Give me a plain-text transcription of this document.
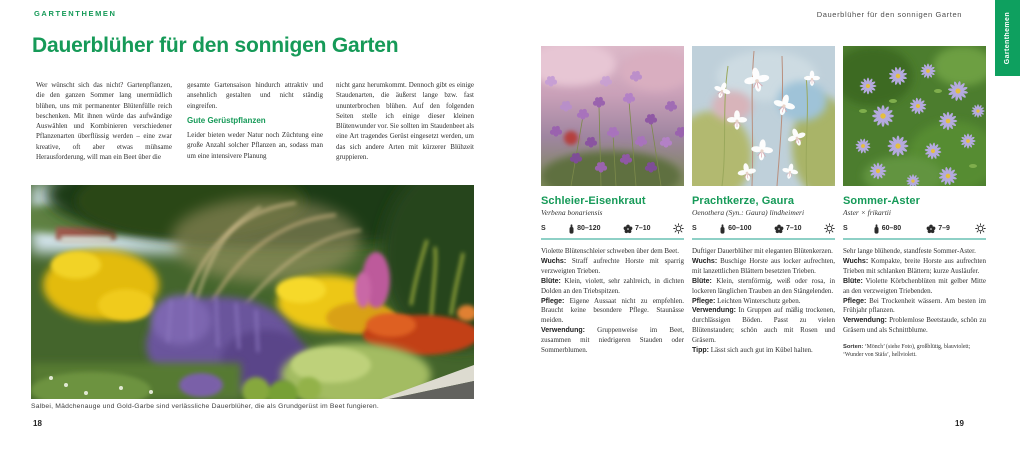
GARTENTHEMEN
Dauerblüher für den sonnigen Garten

Wer wünscht sich das nicht? Gartenpflanzen, die den ganzen Sommer lang unermüdlich blühen, uns mit permanenter Blütenfülle reich beschenken. Mit ihnen würde das aufwändige Auswählen und Kombinieren verschiedener Pflanzenarten überflüssig werden – eine zwar kreative, oft aber etwas mühsame Herausforderung, will man ein Beet über die

gesamte Gartensaison hindurch attraktiv und ansehnlich gestalten und nicht ständig eingreifen.

Gute Gerüstpflanzen

Leider bieten weder Natur noch Züchtung eine große Anzahl solcher Pflanzen an, sodass man um eine intensivere Planung

nicht ganz herumkommt. Dennoch gibt es einige Staudenarten, die äußerst lange bzw. fast ununterbrochen blühen. Auf den folgenden Seiten stelle ich einige dieser kleinen Blütenwunder vor. Sie sollten im Staudenbeet als eine Art tragendes Gerüst eingesetzt werden, um das sich andere Arten mit kürzerer Blühzeit gruppieren.

Salbei, Mädchenauge und Gold-Garbe sind verlässliche Dauerblüher, die als Grundgerüst im Beet fungieren.
18
Dauerblüher für den sonnigen Garten	Gartenthemen
Schleier-Eisenkraut
Verbena bonariensis
S	80–120	7–10

Violette Blütenschleier schweben über dem Beet.

Wuchs: Straff aufrechte Horste mit sparrig verzweigten Trieben.

Blüte: Klein, violett, sehr zahlreich, in dichten Dolden an den Triebspitzen.

Pflege: Eigene Aussaat nicht zu empfehlen. Braucht keine besondere Pflege. Staunässe meiden.

Verwendung: Gruppenweise im Beet, zusammen mit niedrigeren Stauden oder Sommerblumen.

Prachtkerze, Gaura
Oenothera (Syn.: Gaura) lindheimeri
S	60–100	7–10

Duftiger Dauerblüher mit eleganten Blütenkerzen.

Wuchs: Buschige Horste aus locker aufrechten, mit lanzettlichen Blättern besetzten Trieben.

Blüte: Klein, sternförmig, weiß oder rosa, in lockeren länglichen Trauben an den Stängelenden.

Pflege: Leichten Winterschutz geben.

Verwendung: In Gruppen auf mäßig trockenen, durchlässigen Böden. Passt zu vielen Blütenstauden; schön auch mit Rosen und Gräsern.

Tipp: Lässt sich auch gut im Kübel halten.

Sommer-Aster
Aster × frikartii
S	60–80	7–9

Sehr lange blühende, standfeste Sommer-Aster.

Wuchs: Kompakte, breite Horste aus aufrechten Trieben mit schlanken Blättern; kurze Ausläufer.

Blüte: Violette Körbchenblüten mit gelber Mitte an den verzweigten Triebenden.

Pflege: Bei Trockenheit wässern. Am besten im Frühjahr pflanzen.

Verwendung: Problemlose Beetstaude, schön zu Gräsern und als Schnittblume.

Sorten: ‘Mönch’ (siehe Foto), großblütig, blauviolett; ‘Wunder von Stäfa’, hellviolett.
19
